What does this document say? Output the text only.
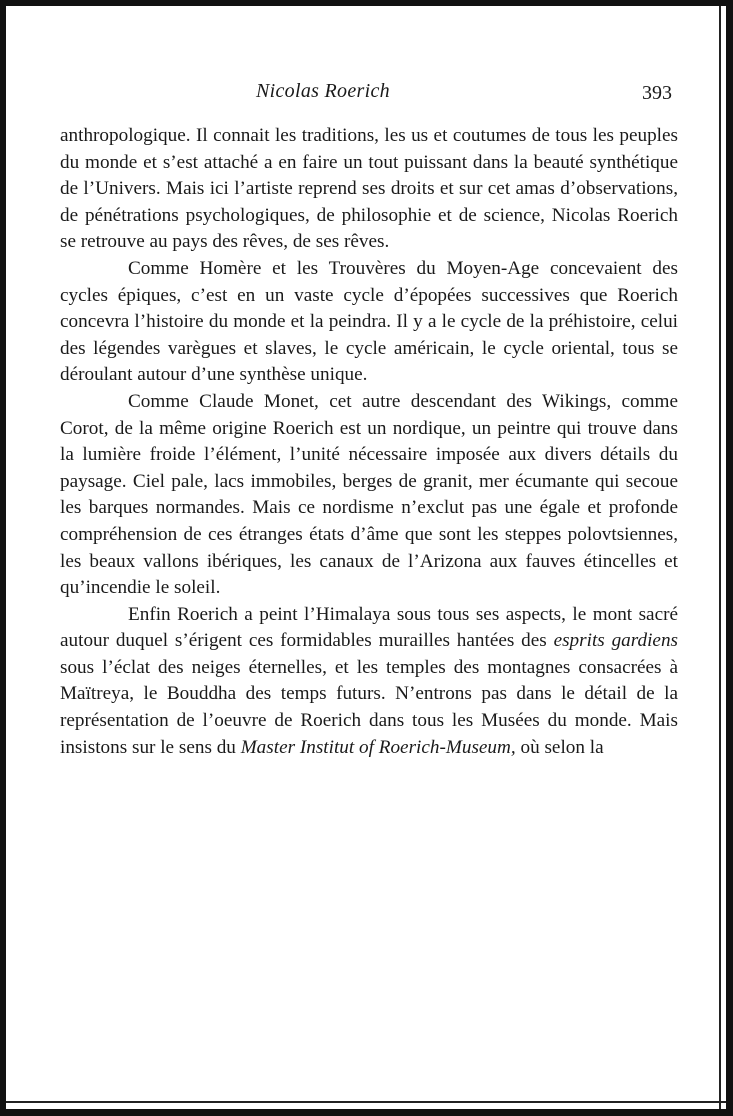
Nicolas Roerich	393

anthropologique. Il connait les traditions, les us et coutumes de tous les peuples du monde et s’est attaché a en faire un tout puissant dans la beauté synthétique de l’Univers. Mais ici l’artiste reprend ses droits et sur cet amas d’observations, de pénétrations psychologiques, de philosophie et de science, Nicolas Roerich se retrouve au pays des rêves, de ses rêves.

Comme Homère et les Trouvères du Moyen-Age concevaient des cycles épiques, c’est en un vaste cycle d’épopées successives que Roerich concevra l’histoire du monde et la peindra. Il y a le cycle de la préhistoire, celui des légendes varègues et slaves, le cycle américain, le cycle oriental, tous se déroulant autour d’une synthèse unique.

Comme Claude Monet, cet autre descendant des Wikings, comme Corot, de la même origine Roerich est un nordique, un peintre qui trouve dans la lumière froide l’élément, l’unité nécessaire imposée aux divers détails du paysage. Ciel pale, lacs immobiles, berges de granit, mer écumante qui secoue les barques normandes. Mais ce nordisme n’exclut pas une égale et profonde compréhension de ces étranges états d’âme que sont les steppes polovtsiennes, les beaux vallons ibériques, les canaux de l’Arizona aux fauves étincelles et qu’incendie le soleil.

Enfin Roerich a peint l’Himalaya sous tous ses aspects, le mont sacré autour duquel s’érigent ces formidables murailles hantées des esprits gardiens sous l’éclat des neiges éternelles, et les temples des montagnes consacrées à Maïtreya, le Bouddha des temps futurs. N’entrons pas dans le détail de la représentation de l’oeuvre de Roerich dans tous les Musées du monde. Mais insistons sur le sens du Master Institut of Roerich-Museum, où selon la
